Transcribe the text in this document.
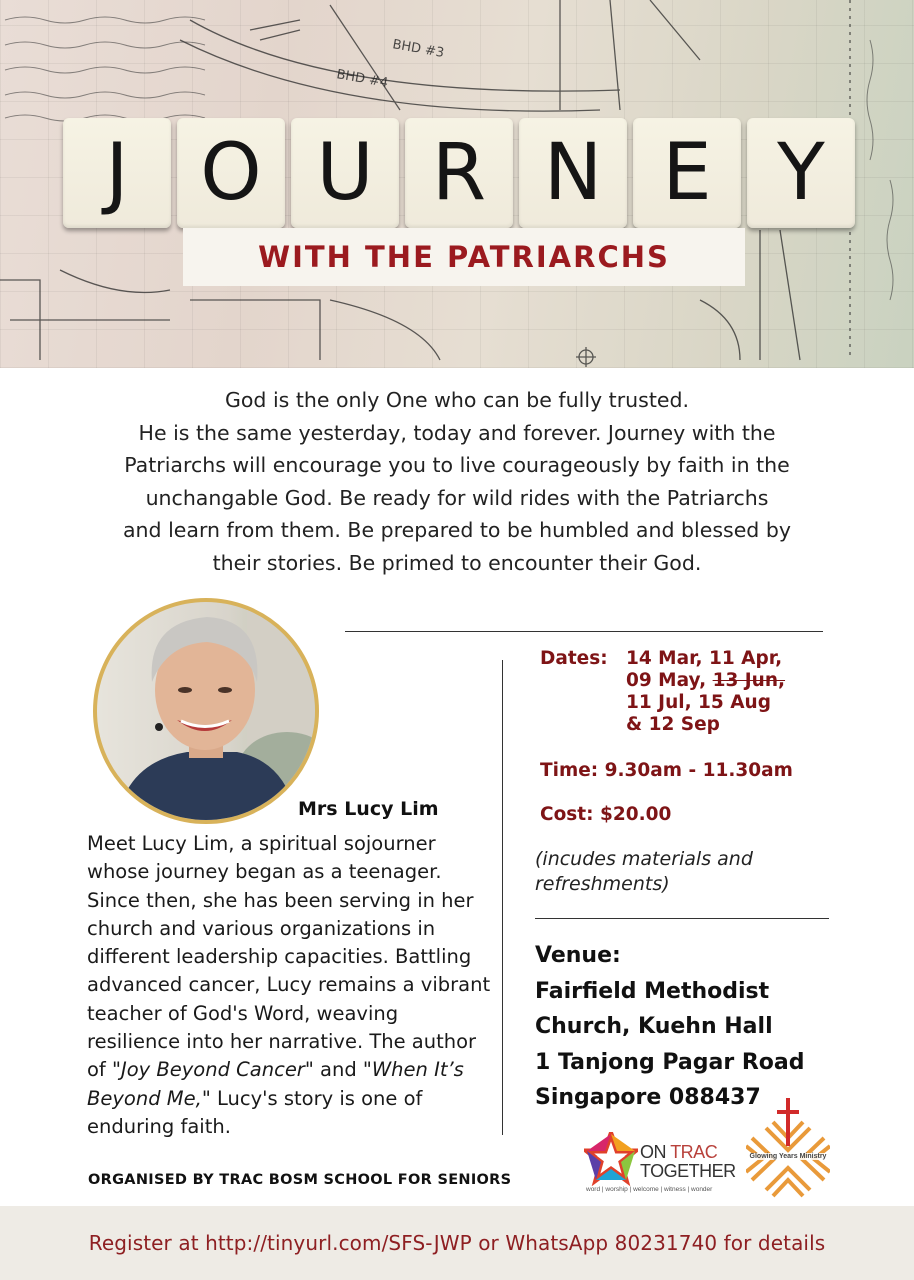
BHD #3
BHD #4
J O U R N E Y
WITH THE PATRIARCHS
God is the only One who can be fully trusted.
He is the same yesterday, today and forever. Journey with the
Patriarchs will encourage you to live courageously by faith in the
unchangable God. Be ready for wild rides with the Patriarchs
and learn from them. Be prepared to be humbled and blessed by
their stories. Be primed to encounter their God.
Mrs Lucy Lim
Meet Lucy Lim, a spiritual sojourner whose journey began as a teenager. Since then, she has been serving in her church and various organizations in different leadership capacities. Battling advanced cancer, Lucy remains a vibrant teacher of God's Word, weaving resilience into her narrative. The author of "Joy Beyond Cancer" and "When It’s Beyond Me," Lucy's story is one of enduring faith.
Dates: 14 Mar, 11 Apr,
09 May, 13 Jun,
11 Jul, 15 Aug
& 12 Sep
Time: 9.30am - 11.30am
Cost: $20.00
(incudes materials and
refreshments)
Venue:
Fairfield Methodist
Church, Kuehn Hall
1 Tanjong Pagar Road
Singapore 088437
ORGANISED BY TRAC BOSM SCHOOL FOR SENIORS
ON TRAC
TOGETHER
word | worship | welcome | witness | wonder
Glowing Years Ministry
Register at http://tinyurl.com/SFS-JWP or WhatsApp 80231740 for details
